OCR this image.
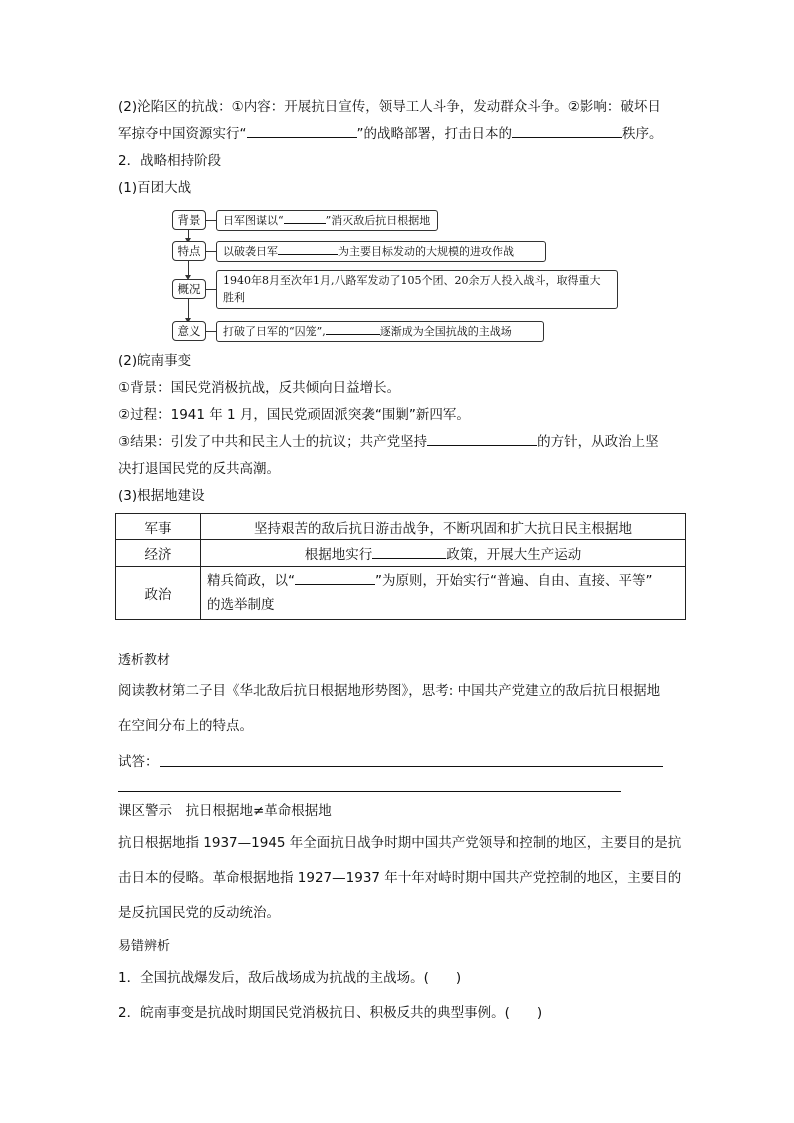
(2)沦陷区的抗战：①内容：开展抗日宣传，领导工人斗争，发动群众斗争。②影响：破坏日
军掠夺中国资源实行“	”的战略部署，打击日本的	秩序。
2．战略相持阶段
(1)百团大战
背景	日军图谋以“	”消灭敌后抗日根据地
特点	以破袭日军	为主要目标发动的大规模的进攻作战
概况
1940年8月至次年1月,八路军发动了105个团、20余万人投入战斗，取得重大
胜利
意义	打破了日军的“囚笼”,	逐渐成为全国抗战的主战场
(2)皖南事变
①背景：国民党消极抗战，反共倾向日益增长。
②过程：1941 年 1 月，国民党顽固派突袭“围剿”新四军。
③结果：引发了中共和民主人士的抗议；共产党坚持	的方针，从政治上坚
决打退国民党的反共高潮。
(3)根据地建设
军事	坚持艰苦的敌后抗日游击战争，不断巩固和扩大抗日民主根据地
经济	根据地实行 政策，开展大生产运动
政治	精兵简政，以“ ”为原则，开始实行“普遍、自由、直接、平等”
的选举制度
透析教材
阅读教材第二子目《华北敌后抗日根据地形势图》，思考: 中国共产党建立的敌后抗日根据地
在空间分布上的特点。
试答：
课区警示　抗日根据地≠革命根据地
抗日根据地指 1937—1945 年全面抗日战争时期中国共产党领导和控制的地区，主要目的是抗
击日本的侵略。革命根据地指 1927—1937 年十年对峙时期中国共产党控制的地区，主要目的
是反抗国民党的反动统治。
易错辨析
1．全国抗战爆发后，敌后战场成为抗战的主战场。(　　)
2．皖南事变是抗战时期国民党消极抗日、积极反共的典型事例。(　　)
